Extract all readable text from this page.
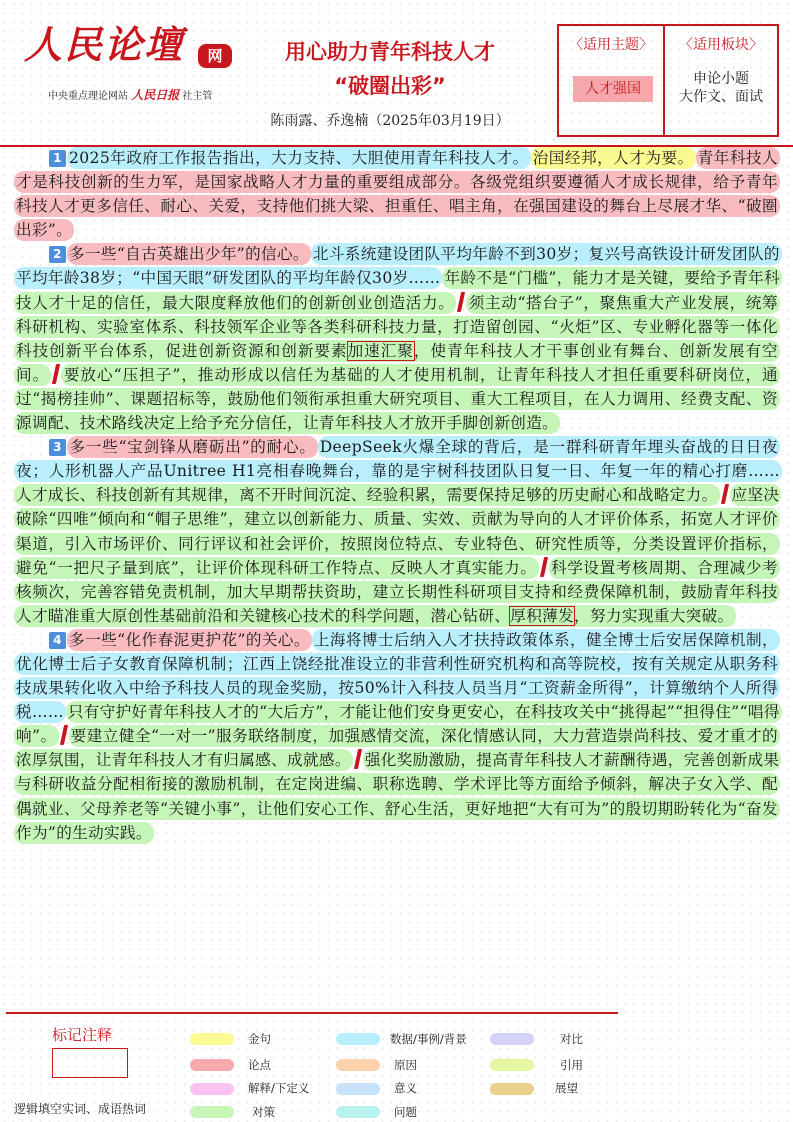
人民论壇	网
中央重点理论网站 人民日报 社主管
用心助力青年科技人才
“破圈出彩”
陈雨露、乔逸楠（2025年03月19日）
〈适用主题〉	〈适用板块〉
人才强国
申论小题
大作文、面试

1 2025年政府工作报告指出，大力支持、大胆使用青年科技人才。 治国经邦，人才为要。 青年科技人才是科技创新的生力军，是国家战略人才力量的重要组成部分。各级党组织要遵循人才成长规律，给予青年科技人才更多信任、耐心、关爱，支持他们挑大梁、担重任、唱主角，在强国建设的舞台上尽展才华、“破圈出彩”。

2 多一些“自古英雄出少年”的信心。 北斗系统建设团队平均年龄不到30岁；复兴号高铁设计研发团队的平均年龄38岁；“中国天眼”研发团队的平均年龄仅30岁…… 年龄不是“门槛”，能力才是关键，要给予青年科技人才十足的信任，最大限度释放他们的创新创业创造活力。 须主动“搭台子”，聚焦重大产业发展，统筹科研机构、实验室体系、科技领军企业等各类科研科技力量，打造留创园、“火炬”区、专业孵化器等一体化科技创新平台体系，促进创新资源和创新要素加速汇聚，使青年科技人才干事创业有舞台、创新发展有空间。 要放心“压担子”，推动形成以信任为基础的人才使用机制，让青年科技人才担任重要科研岗位，通过“揭榜挂帅”、课题招标等，鼓励他们领衔承担重大研究项目、重大工程项目，在人力调用、经费支配、资源调配、技术路线决定上给予充分信任，让青年科技人才放开手脚创新创造。

3 多一些“宝剑锋从磨砺出”的耐心。 DeepSeek火爆全球的背后，是一群科研青年埋头奋战的日日夜夜；人形机器人产品Unitree H1亮相春晚舞台，靠的是宇树科技团队日复一日、年复一年的精心打磨……人才成长、科技创新有其规律，离不开时间沉淀、经验积累，需要保持足够的历史耐心和战略定力。 应坚决破除“四唯”倾向和“帽子思维”，建立以创新能力、质量、实效、贡献为导向的人才评价体系，拓宽人才评价渠道，引入市场评价、同行评议和社会评价，按照岗位特点、专业特色、研究性质等，分类设置评价指标，避免“一把尺子量到底”，让评价体现科研工作特点、反映人才真实能力。 科学设置考核周期、合理减少考核频次，完善容错免责机制，加大早期帮扶资助，建立长期性科研项目支持和经费保障机制，鼓励青年科技人才瞄准重大原创性基础前沿和关键核心技术的科学问题，潜心钻研、厚积薄发，努力实现重大突破。

4 多一些“化作春泥更护花”的关心。 上海将博士后纳入人才扶持政策体系，健全博士后安居保障机制，优化博士后子女教育保障机制；江西上饶经批准设立的非营利性研究机构和高等院校，按有关规定从职务科技成果转化收入中给予科技人员的现金奖励，按50%计入科技人员当月“工资薪金所得”，计算缴纳个人所得税…… 只有守护好青年科技人才的“大后方”，才能让他们安身更安心，在科技攻关中“挑得起”“担得住”“唱得响”。 要建立健全“一对一”服务联络制度，加强感情交流，深化情感认同，大力营造崇尚科技、爱才重才的浓厚氛围，让青年科技人才有归属感、成就感。 强化奖励激励，提高青年科技人才薪酬待遇，完善创新成果与科研收益分配相衔接的激励机制，在定岗进编、职称选聘、学术评比等方面给予倾斜，解决子女入学、配偶就业、父母养老等“关键小事”，让他们安心工作、舒心生活，更好地把“大有可为”的殷切期盼转化为“奋发作为”的生动实践。

标记注释
逻辑填空实词、成语热词
金句
论点
解释/下定义
对策
数据/事例/背景
原因
意义
问题
对比
引用
展望
